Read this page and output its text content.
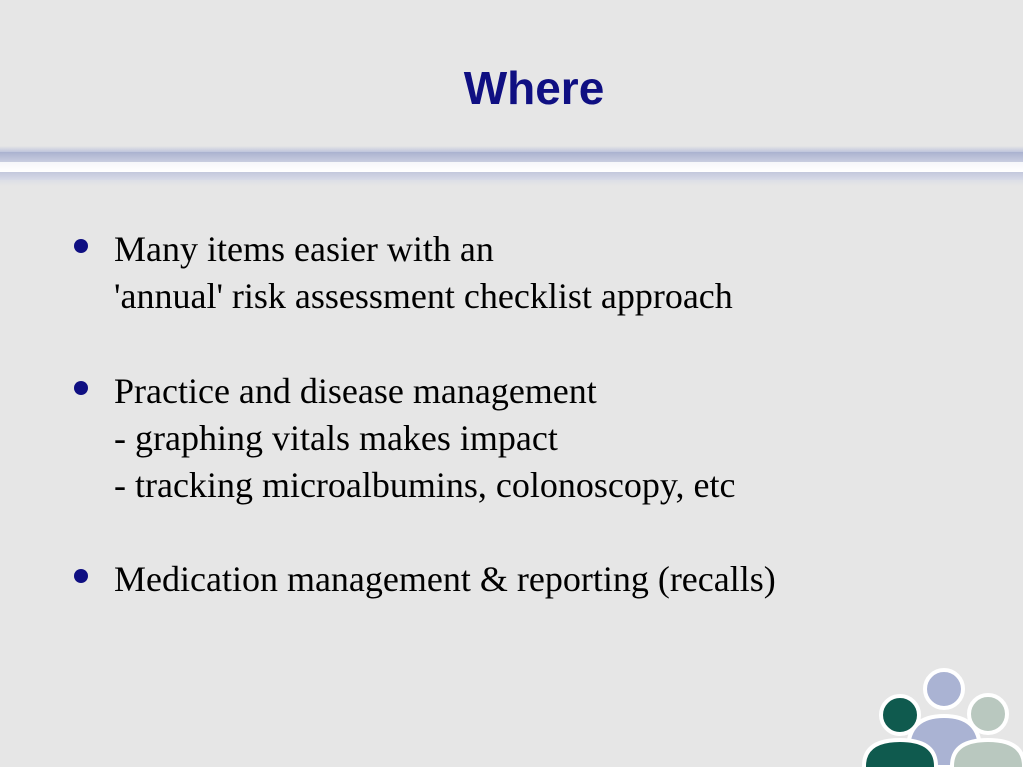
Where
Many items easier with an
'annual' risk assessment checklist approach
Practice and disease management
- graphing vitals makes impact
- tracking microalbumins, colonoscopy, etc
Medication management & reporting (recalls)
